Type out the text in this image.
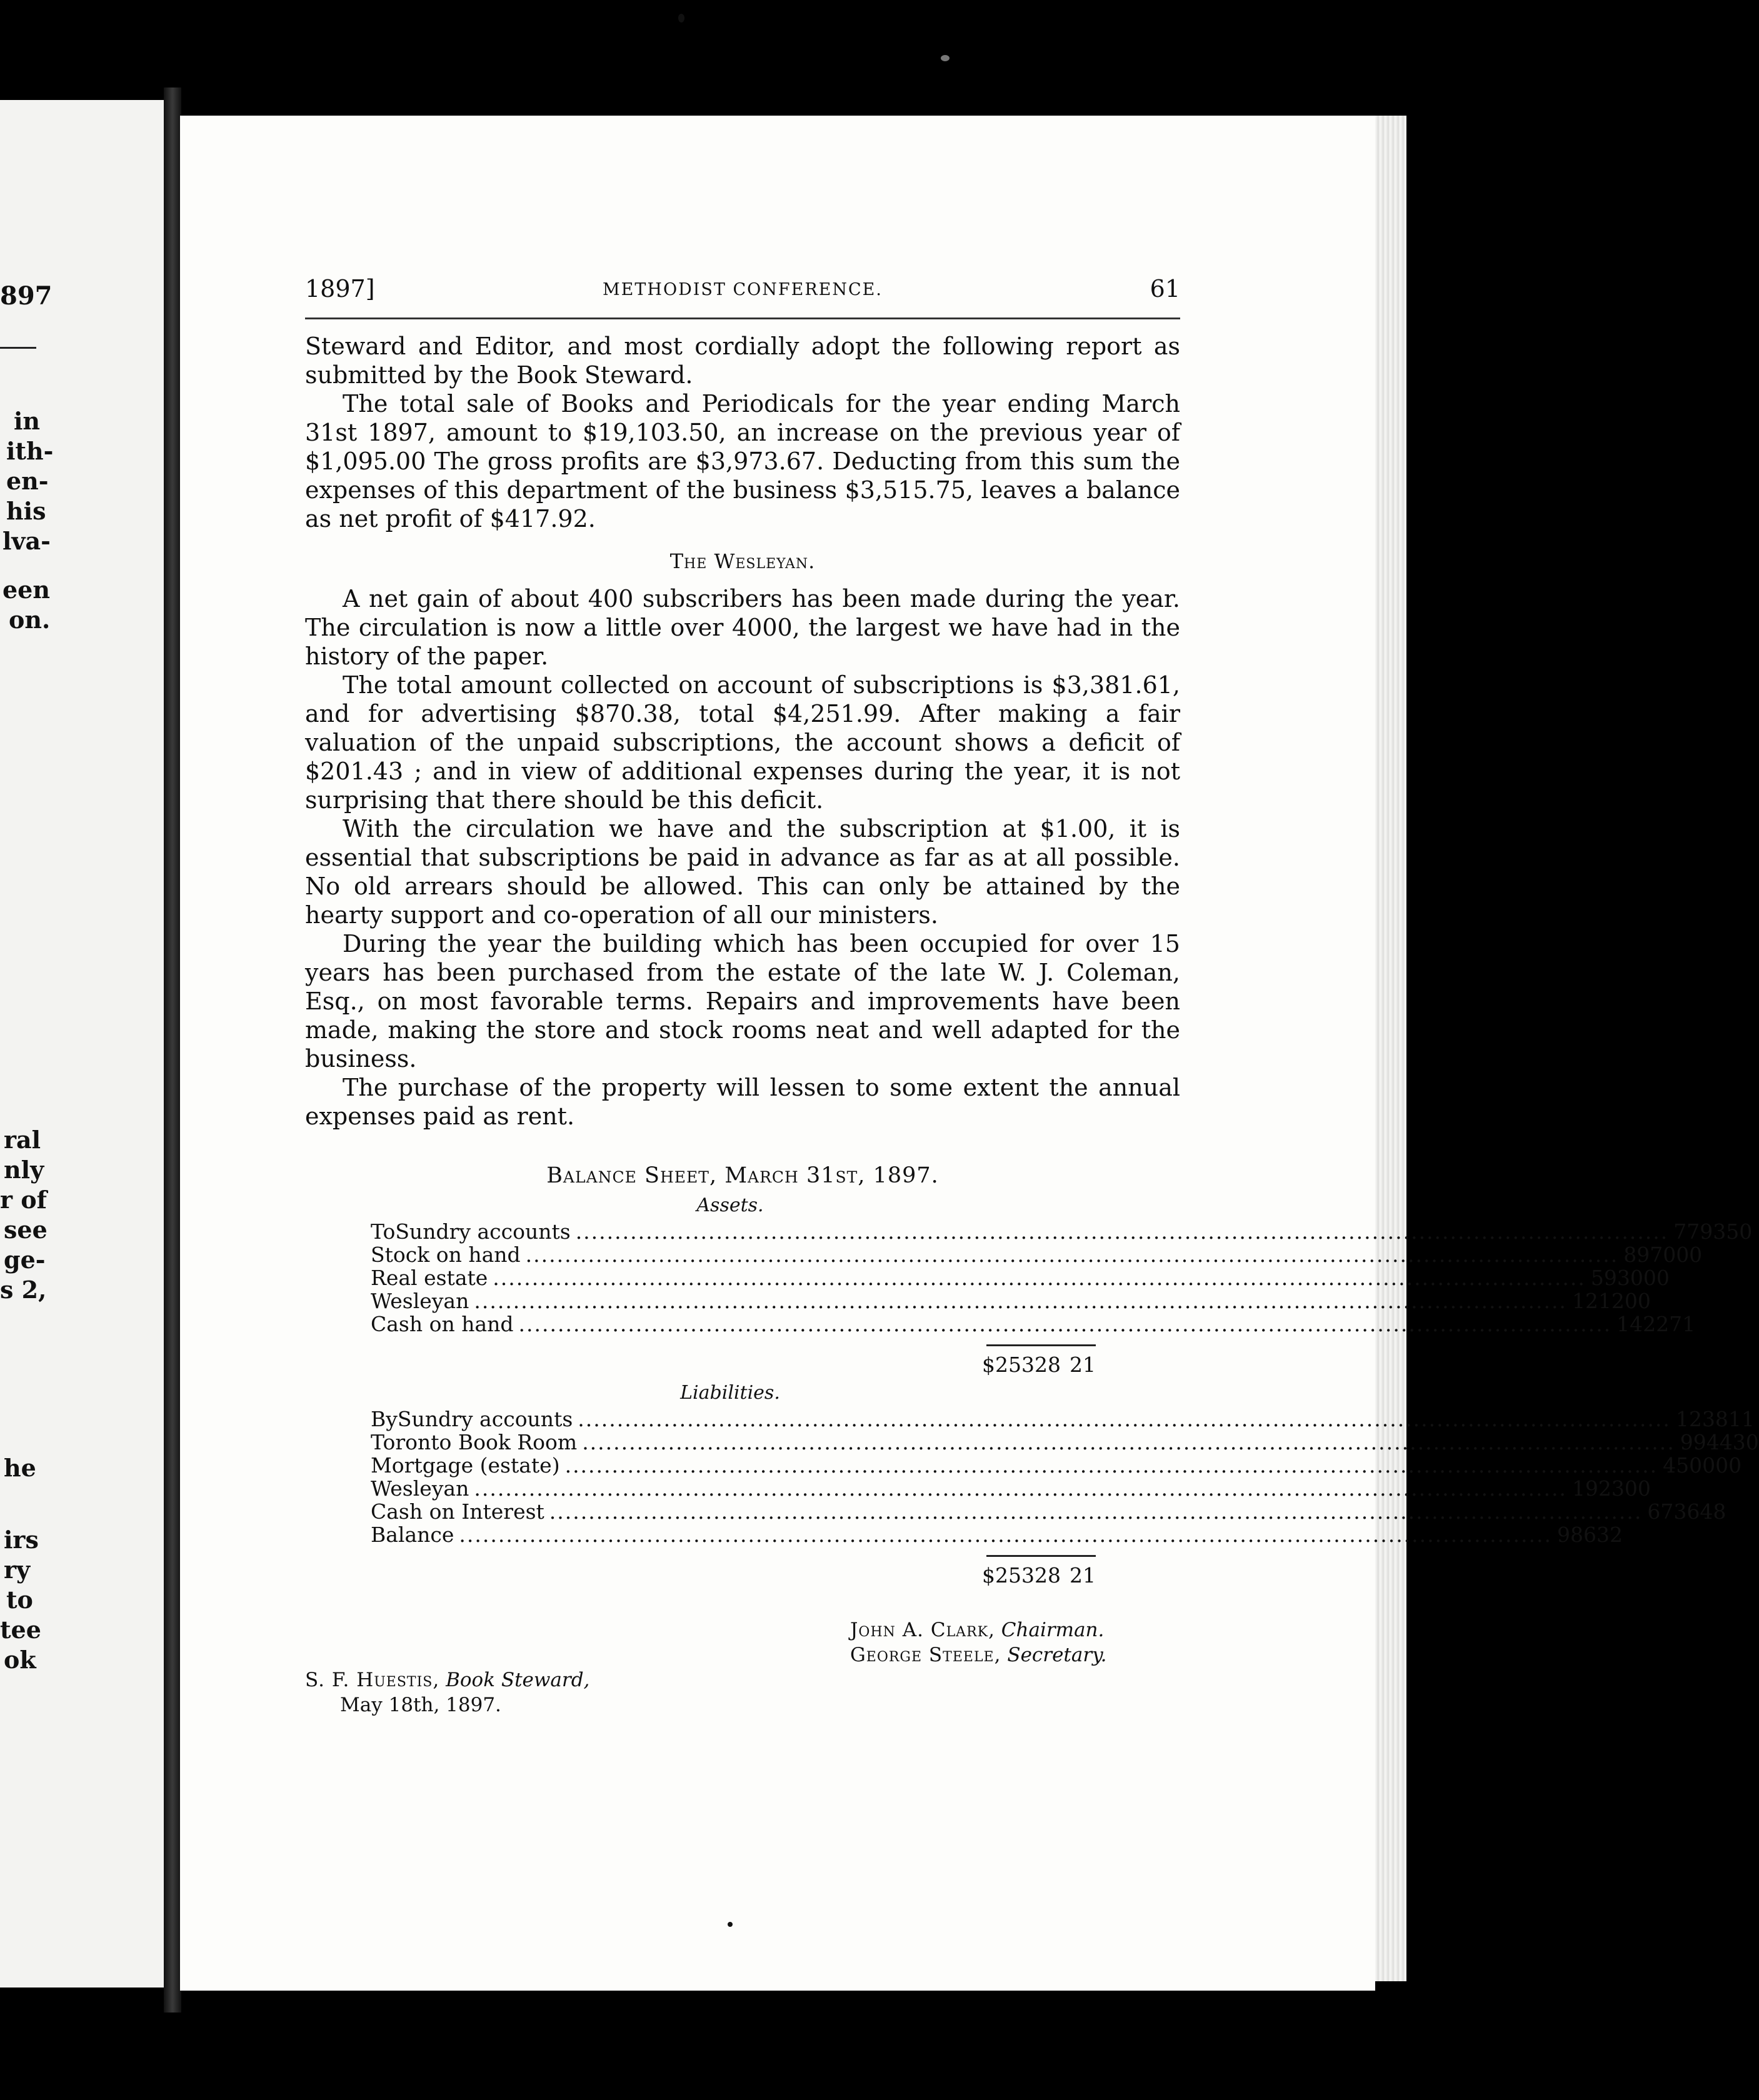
897
in
ith-
en-
his
lva-
een
on.
ral
nly
r of
see
ge-
s 2,
he
irs
ry
to
tee
ok
1897]	METHODIST CONFERENCE.	61

Steward and Editor, and most cordially adopt the following report as submitted by the Book Steward.

The total sale of Books and Periodicals for the year ending March 31st 1897, amount to $19,103.50, an increase on the previous year of $1,095.00 The gross profits are $3,973.67. Deducting from this sum the expenses of this department of the business $3,515.75, leaves a balance as net profit of $417.92.

The Wesleyan.

A net gain of about 400 subscribers has been made during the year. The circulation is now a little over 4000, the largest we have had in the history of the paper.

The total amount collected on account of subscriptions is $3,381.61, and for advertising $870.38, total $4,251.99. After making a fair valuation of the unpaid subscriptions, the account shows a deficit of $201.43 ; and in view of additional expenses during the year, it is not surprising that there should be this deficit.

With the circulation we have and the subscription at $1.00, it is essential that subscriptions be paid in advance as far as at all possible. No old arrears should be allowed. This can only be attained by the hearty support and co-operation of all our ministers.

During the year the building which has been occupied for over 15 years has been purchased from the estate of the late W. J. Coleman, Esq., on most favorable terms. Repairs and improvements have been made, making the store and stock rooms neat and well adapted for the business.

The purchase of the property will lessen to some extent the annual expenses paid as rent.

Balance Sheet, March 31st, 1897.
Assets.
To Sundry accounts ............................................................................................................................................ 7793 50
Stock on hand ............................................................................................................................................ 8970 00
Real estate ............................................................................................................................................ 5930 00
Wesleyan ............................................................................................................................................ 1212 00
Cash on hand ............................................................................................................................................ 1422 71
$25328 21
Liabilities.
By Sundry accounts ............................................................................................................................................ 1238 11
Toronto Book Room ............................................................................................................................................ 9944 30
Mortgage (estate) ............................................................................................................................................ 4500 00
Wesleyan ............................................................................................................................................ 1923 00
Cash on Interest ............................................................................................................................................ 6736 48
Balance ............................................................................................................................................ 986 32
$25328 21
John A. Clark, Chairman.
George Steele, Secretary.
S. F. Huestis, Book Steward,
May 18th, 1897.
